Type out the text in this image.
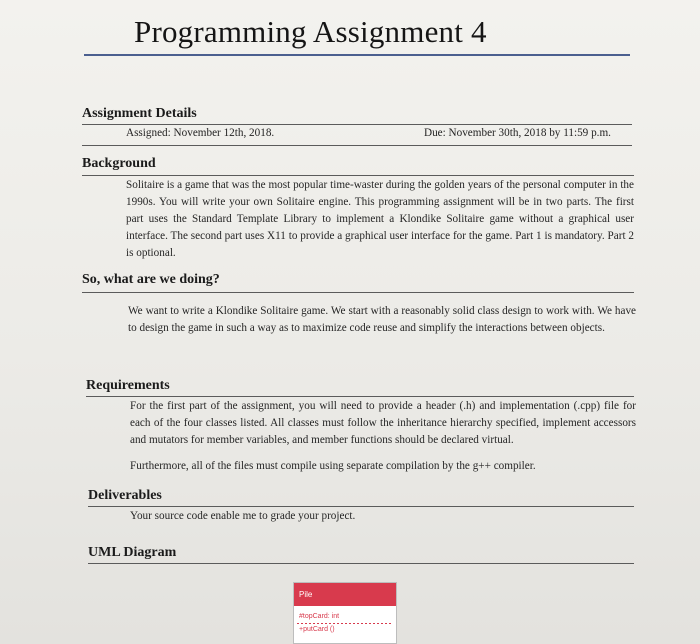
Programming Assignment 4
Assignment Details
Assigned: November 12th, 2018.	Due: November 30th, 2018 by 11:59 p.m.
Background
Solitaire is a game that was the most popular time-waster during the golden years of the personal computer in the 1990s. You will write your own Solitaire engine. This programming assignment will be in two parts. The first part uses the Standard Template Library to implement a Klondike Solitaire game without a graphical user interface. The second part uses X11 to provide a graphical user interface for the game. Part 1 is mandatory. Part 2 is optional.
So, what are we doing?
We want to write a Klondike Solitaire game. We start with a reasonably solid class design to work with. We have to design the game in such a way as to maximize code reuse and simplify the interactions between objects.
Requirements
For the first part of the assignment, you will need to provide a header (.h) and implementation (.cpp) file for each of the four classes listed. All classes must follow the inheritance hierarchy specified, implement accessors and mutators for member variables, and member functions should be declared virtual.
Furthermore, all of the files must compile using separate compilation by the g++ compiler.
Deliverables
Your source code enable me to grade your project.
UML Diagram
Pile
#topCard: int
+putCard ()
